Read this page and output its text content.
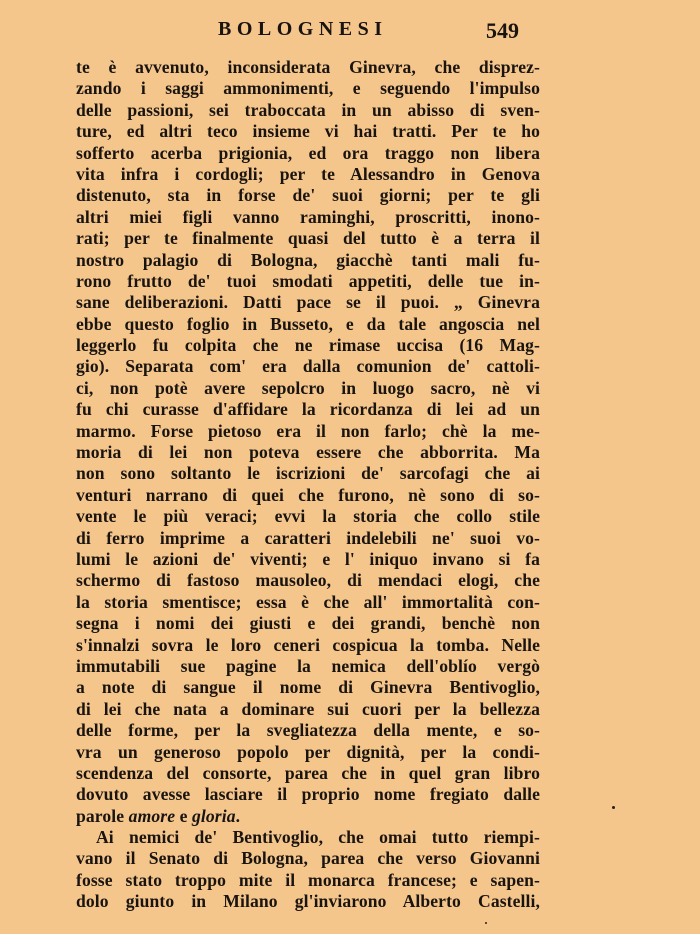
BOLOGNESI	549
te è avvenuto, inconsiderata Ginevra, che disprez-
zando i saggi ammonimenti, e seguendo l'impulso
delle passioni, sei traboccata in un abisso di sven-
ture, ed altri teco insieme vi hai tratti. Per te ho
sofferto acerba prigionia, ed ora traggo non libera
vita infra i cordogli; per te Alessandro in Genova
distenuto, sta in forse de' suoi giorni; per te gli
altri miei figli vanno raminghi, proscritti, inono-
rati; per te finalmente quasi del tutto è a terra il
nostro palagio di Bologna, giacchè tanti mali fu-
rono frutto de' tuoi smodati appetiti, delle tue in-
sane deliberazioni. Datti pace se il puoi. „ Ginevra
ebbe questo foglio in Busseto, e da tale angoscia nel
leggerlo fu colpita che ne rimase uccisa (16 Mag-
gio). Separata com' era dalla comunion de' cattoli-
ci, non potè avere sepolcro in luogo sacro, nè vi
fu chi curasse d'affidare la ricordanza di lei ad un
marmo. Forse pietoso era il non farlo; chè la me-
moria di lei non poteva essere che abborrita. Ma
non sono soltanto le iscrizioni de' sarcofagi che ai
venturi narrano di quei che furono, nè sono di so-
vente le più veraci; evvi la storia che collo stile
di ferro imprime a caratteri indelebili ne' suoi vo-
lumi le azioni de' viventi; e l' iniquo invano si fa
schermo di fastoso mausoleo, di mendaci elogi, che
la storia smentisce; essa è che all' immortalità con-
segna i nomi dei giusti e dei grandi, benchè non
s'innalzi sovra le loro ceneri cospicua la tomba. Nelle
immutabili sue pagine la nemica dell'oblío vergò
a note di sangue il nome di Ginevra Bentivoglio,
di lei che nata a dominare sui cuori per la bellezza
delle forme, per la svegliatezza della mente, e so-
vra un generoso popolo per dignità, per la condi-
scendenza del consorte, parea che in quel gran libro
dovuto avesse lasciare il proprio nome fregiato dalle
parole amore e gloria.
Ai nemici de' Bentivoglio, che omai tutto riempi-
vano il Senato di Bologna, parea che verso Giovanni
fosse stato troppo mite il monarca francese; e sapen-
dolo giunto in Milano gl'inviarono Alberto Castelli,
